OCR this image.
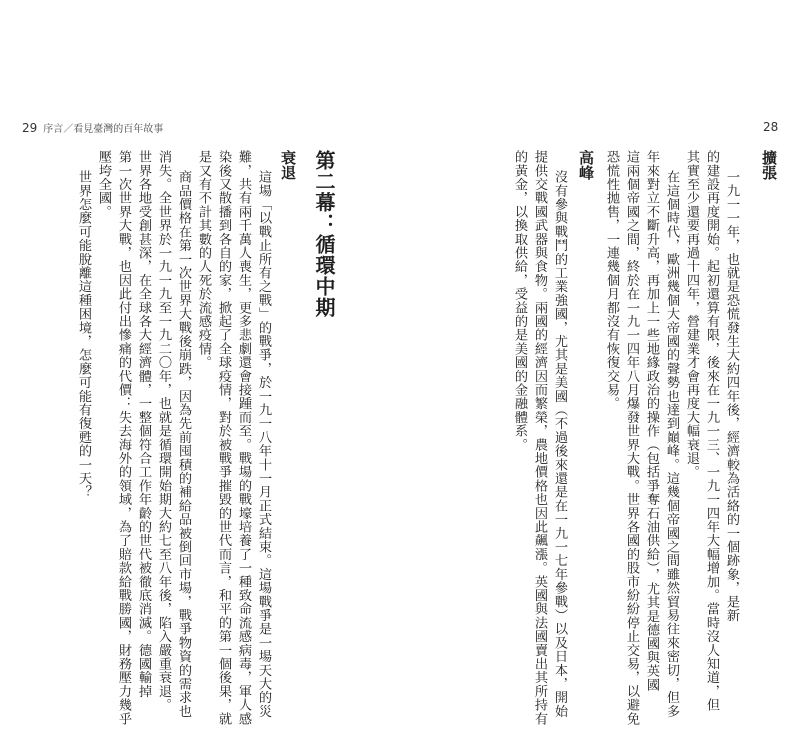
29 序言／看見臺灣的百年故事	28
擴張
一九一一年，也就是恐慌發生大約四年後，經濟較為活絡的一個跡象，是新
的建設再度開始。起初還算有限，後來在一九一三、一九一四年大幅增加。當時沒人知道，但
其實至少還要再過十四年，營建業才會再度大幅衰退。
在這個時代，歐洲幾個大帝國的聲勢也達到巔峰。這幾個帝國之間雖然貿易往來密切，但多
年來對立不斷升高，再加上一些地緣政治的操作（包括爭奪石油供給），尤其是德國與英國
這兩個帝國之間，終於在一九一四年八月爆發世界大戰。世界各國的股市紛紛停止交易，以避免
恐慌性拋售，一連幾個月都沒有恢復交易。
高峰
沒有參與戰鬥的工業強國，尤其是美國（不過後來還是在一九一七年參戰）以及日本，開始
提供交戰國武器與食物。兩國的經濟因而繁榮，農地價格也因此飆漲。英國與法國賣出其所持有
的黃金，以換取供給，受益的是美國的金融體系。
第二幕：循環中期
衰退
這場「以戰止所有之戰」的戰爭，於一九一八年十一月正式結束。這場戰爭是一場天大的災
難，共有兩千萬人喪生，更多悲劇還會接踵而至。戰場的戰壕培養了一種致命流感病毒，軍人感
染後又散播到各自的家，掀起了全球疫情，對於被戰爭摧毀的世代而言，和平的第一個後果，就
是又有不計其數的人死於流感疫情。
商品價格在第一次世界大戰後崩跌，因為先前囤積的補給品被倒回市場，戰爭物資的需求也
消失。全世界於一九一九至一九二〇年，也就是循環開始期大約七至八年後，陷入嚴重衰退。
世界各地受創甚深，在全球各大經濟體，一整個符合工作年齡的世代被徹底消滅。德國輸掉
第一次世界大戰，也因此付出慘痛的代價：失去海外的領域，為了賠款給戰勝國，財務壓力幾乎
壓垮全國。
世界怎麼可能脫離這種困境，怎麼可能有復甦的一天？
